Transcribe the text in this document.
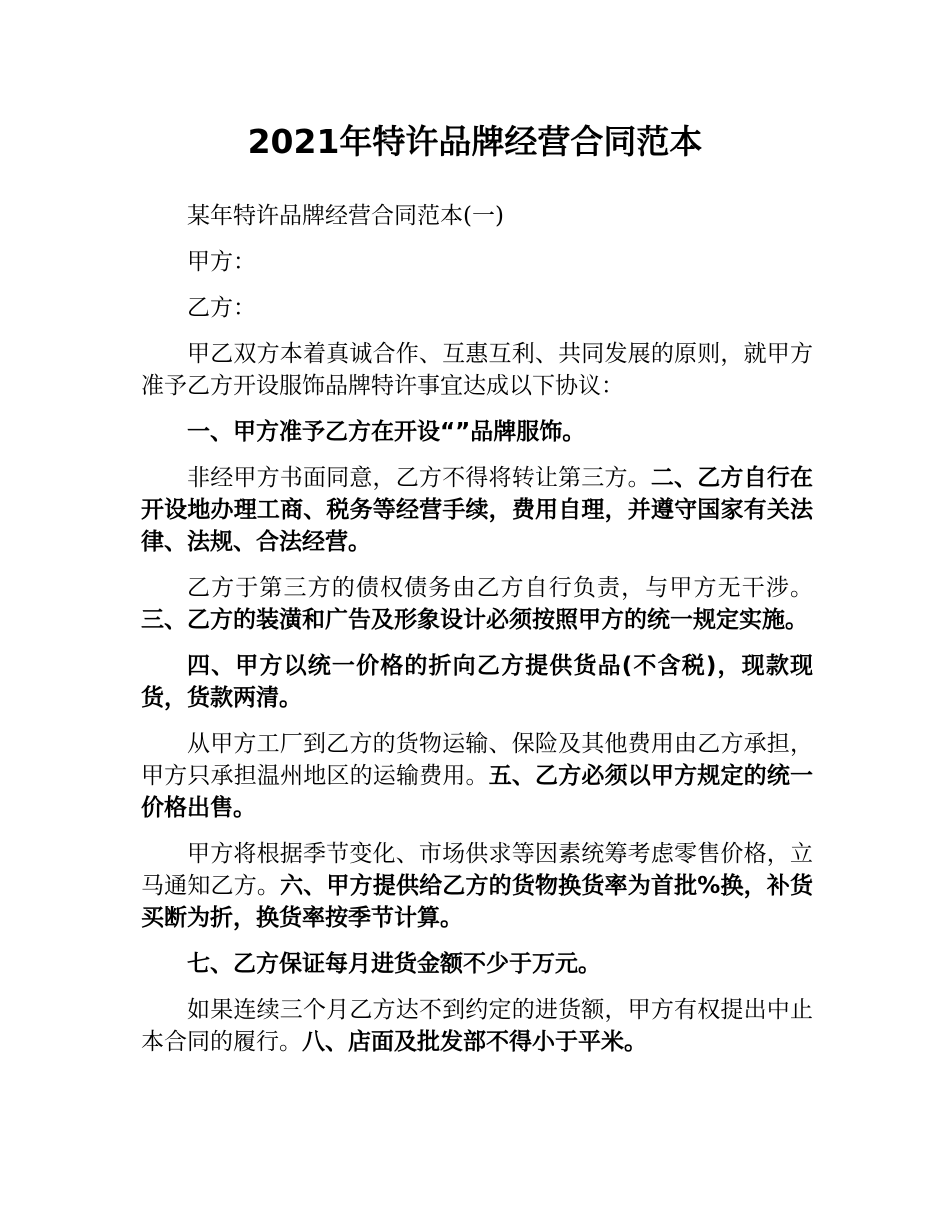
2021年特许品牌经营合同范本

某年特许品牌经营合同范本(一)

甲方：

乙方：

甲乙双方本着真诚合作、互惠互利、共同发展的原则，就甲方准予乙方开设服饰品牌特许事宜达成以下协议：

一、甲方准予乙方在开设“”品牌服饰。

非经甲方书面同意，乙方不得将转让第三方。二、乙方自行在开设地办理工商、税务等经营手续，费用自理，并遵守国家有关法律、法规、合法经营。

乙方于第三方的债权债务由乙方自行负责，与甲方无干涉。三、乙方的装潢和广告及形象设计必须按照甲方的统一规定实施。

四、甲方以统一价格的折向乙方提供货品(不含税)，现款现货，货款两清。

从甲方工厂到乙方的货物运输、保险及其他费用由乙方承担，甲方只承担温州地区的运输费用。五、乙方必须以甲方规定的统一价格出售。

甲方将根据季节变化、市场供求等因素统筹考虑零售价格，立马通知乙方。六、甲方提供给乙方的货物换货率为首批%换，补货买断为折，换货率按季节计算。

七、乙方保证每月进货金额不少于万元。

如果连续三个月乙方达不到约定的进货额，甲方有权提出中止本合同的履行。八、店面及批发部不得小于平米。
